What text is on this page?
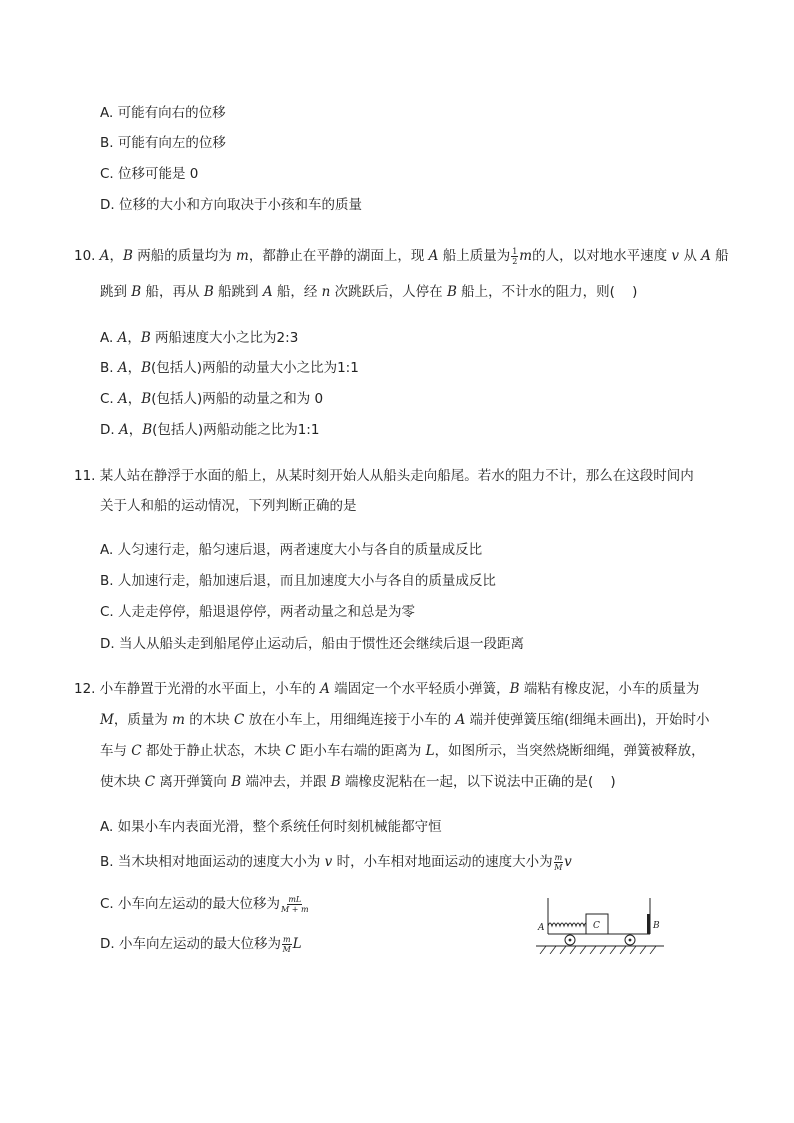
A. 可能有向右的位移
B. 可能有向左的位移
C. 位移可能是 0
D. 位移的大小和方向取决于小孩和车的质量
10. A，B 两船的质量均为 m，都静止在平静的湖面上，现 A 船上质量为 $\frac{1}{2}$ m的人，以对地水平速度 v 从 A 船
跳到 B 船，再从 B 船跳到 A 船，经 n 次跳跃后，人停在 B 船上，不计水的阻力，则(    )
A. A，B 两船速度大小之比为2:3
B. A，B(包括人)两船的动量大小之比为1:1
C. A，B(包括人)两船的动量之和为 0
D. A，B(包括人)两船动能之比为1:1
11. 某人站在静浮于水面的船上，从某时刻开始人从船头走向船尾。若水的阻力不计，那么在这段时间内
关于人和船的运动情况，下列判断正确的是
A. 人匀速行走，船匀速后退，两者速度大小与各自的质量成反比
B. 人加速行走，船加速后退，而且加速度大小与各自的质量成反比
C. 人走走停停，船退退停停，两者动量之和总是为零
D. 当人从船头走到船尾停止运动后，船由于惯性还会继续后退一段距离
12. 小车静置于光滑的水平面上，小车的 A 端固定一个水平轻质小弹簧，B 端粘有橡皮泥，小车的质量为
M，质量为 m 的木块 C 放在小车上，用细绳连接于小车的 A 端并使弹簧压缩(细绳未画出)，开始时小
车与 C 都处于静止状态，木块 C 距小车右端的距离为 L，如图所示，当突然烧断细绳，弹簧被释放，
使木块 C 离开弹簧向 B 端冲去，并跟 B 端橡皮泥粘在一起，以下说法中正确的是(    )
A. 如果小车内表面光滑，整个系统任何时刻机械能都守恒
B. 当木块相对地面运动的速度大小为 v 时，小车相对地面运动的速度大小为 $\frac{m}{M}$ v
C. 小车向左运动的最大位移为 $\frac{mL}{M + m}$
D. 小车向左运动的最大位移为 $\frac{m}{M}$ L
A	C	B
